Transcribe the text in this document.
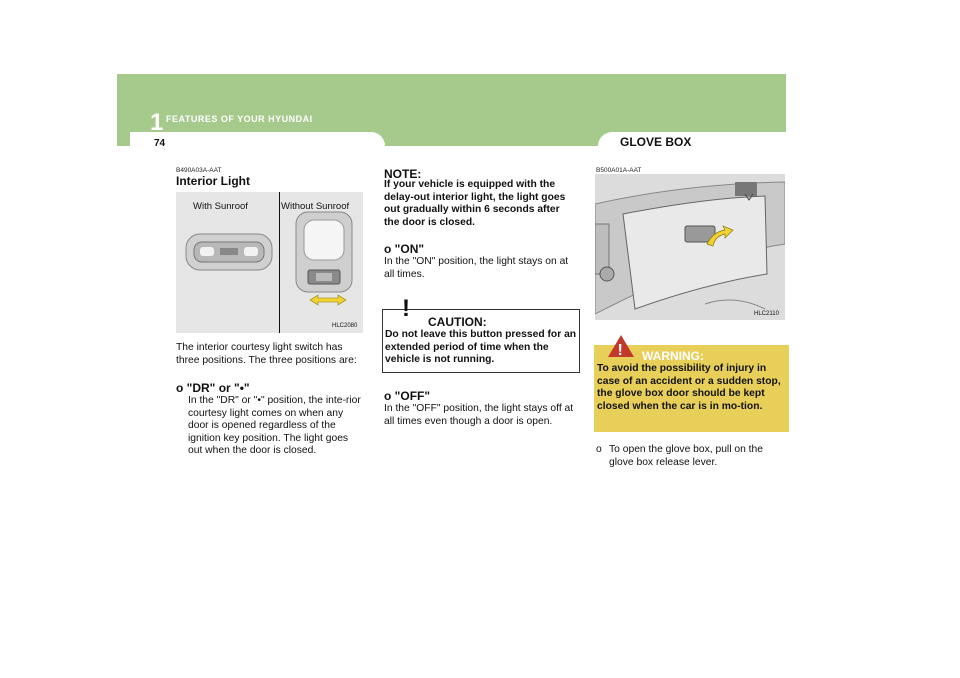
1 FEATURES OF YOUR HYUNDAI
74	GLOVE BOX
B490A03A-AAT
Interior Light
With Sunroof	Without Sunroof
HLC2080
The interior courtesy light switch has three positions. The three positions are:
o "DR" or "•"
In the "DR" or "•" position, the inte-rior courtesy light comes on when any door is opened regardless of the ignition key position. The light goes out when the door is closed.
NOTE:
If your vehicle is equipped with the delay-out interior light, the light goes out gradually within 6 seconds after the door is closed.
o "ON"
In the "ON" position, the light stays on at all times.
! CAUTION:
Do not leave this button pressed for an extended period of time when the vehicle is not running.
o "OFF"
In the "OFF" position, the light stays off at all times even though a door is open.
B500A01A-AAT
HLC2110
! WARNING:
To avoid the possibility of injury in case of an accident or a sudden stop, the glove box door should be kept closed when the car is in mo-tion.
o To open the glove box, pull on the glove box release lever.
